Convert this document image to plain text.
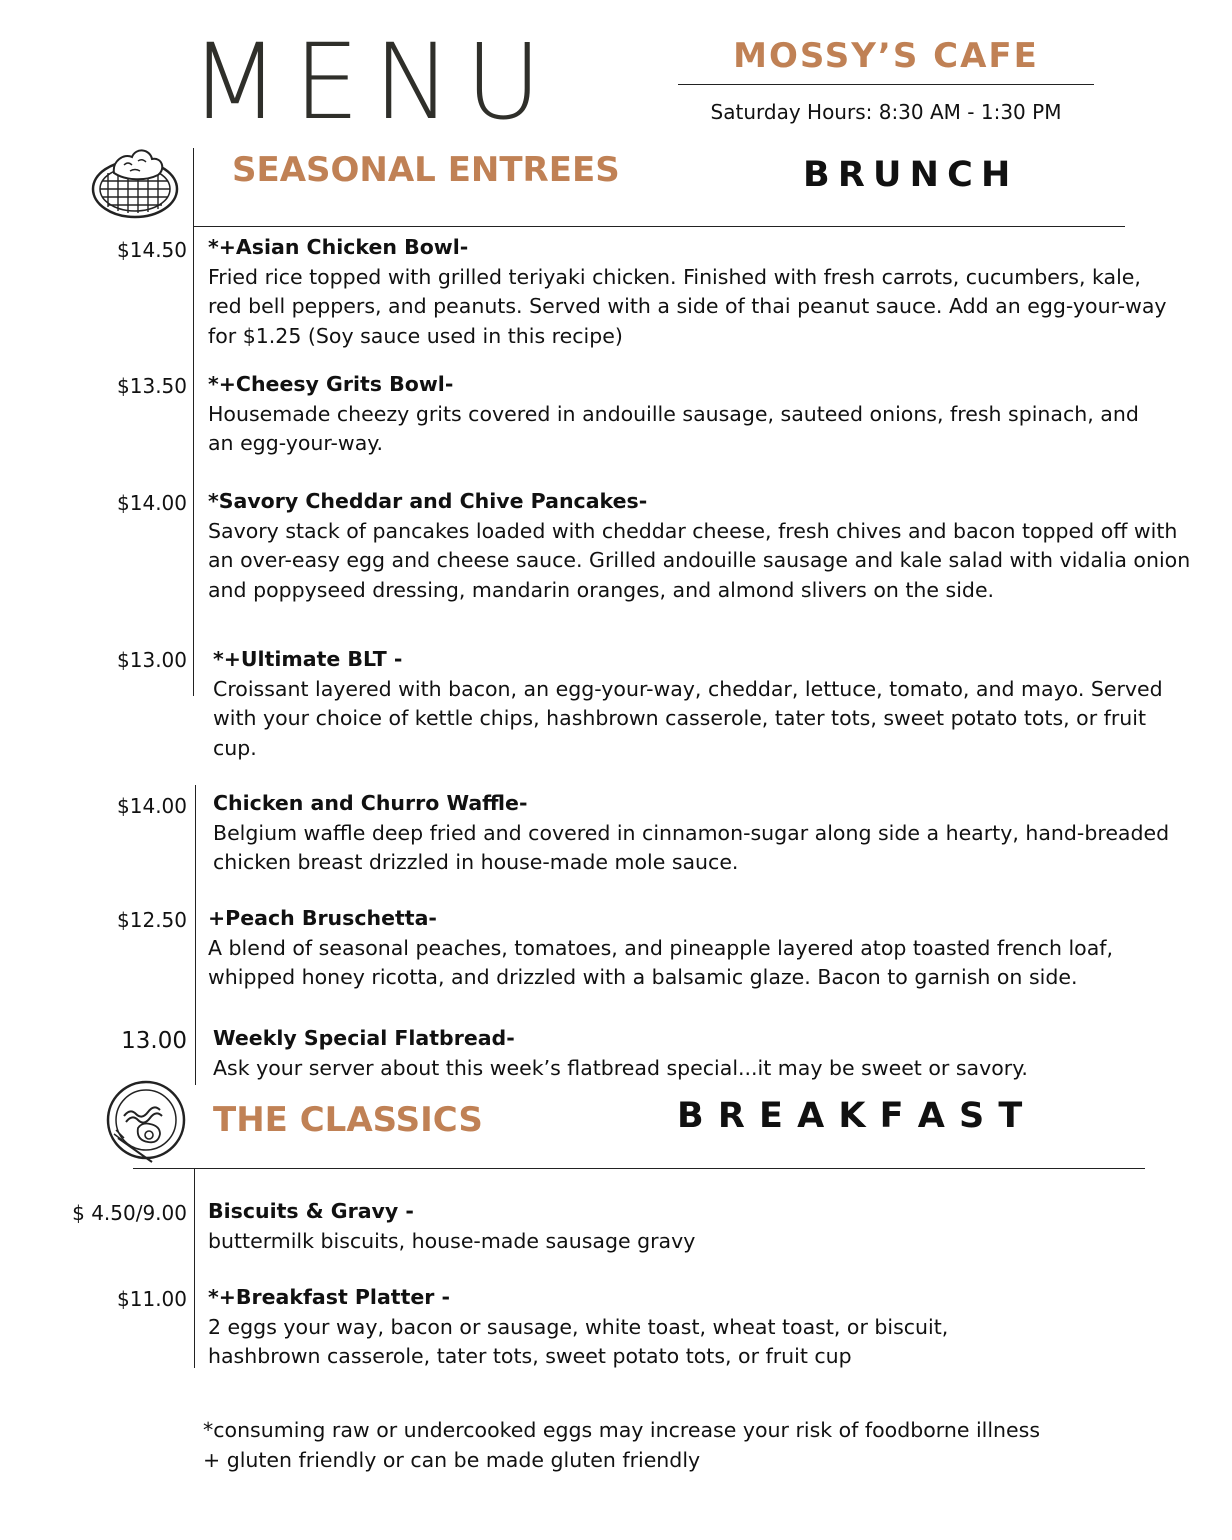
MENU	MOSSY’S CAFE
Saturday Hours: 8:30 AM - 1:30 PM
SEASONAL ENTREES	B R U N C H
$14.50 *+Asian Chicken Bowl-
Fried rice topped with grilled teriyaki chicken. Finished with fresh carrots, cucumbers, kale, red bell peppers, and peanuts. Served with a side of thai peanut sauce. Add an egg-your-way for $1.25 (Soy sauce used in this recipe)
$13.50 *+Cheesy Grits Bowl-
Housemade cheezy grits covered in andouille sausage, sauteed onions, fresh spinach, and an egg-your-way.
$14.00 *Savory Cheddar and Chive Pancakes-
Savory stack of pancakes loaded with cheddar cheese, fresh chives and bacon topped off with an over-easy egg and cheese sauce. Grilled andouille sausage and kale salad with vidalia onion and poppyseed dressing, mandarin oranges, and almond slivers on the side.
$13.00 *+Ultimate BLT -
Croissant layered with bacon, an egg-your-way, cheddar, lettuce, tomato, and mayo. Served with your choice of kettle chips, hashbrown casserole, tater tots, sweet potato tots, or fruit cup.
$14.00 Chicken and Churro Waffle-
Belgium waffle deep fried and covered in cinnamon-sugar along side a hearty, hand-breaded chicken breast drizzled in house-made mole sauce.
$12.50 +Peach Bruschetta-
A blend of seasonal peaches, tomatoes, and pineapple layered atop toasted french loaf, whipped honey ricotta, and drizzled with a balsamic glaze. Bacon to garnish on side.
13.00 Weekly Special Flatbread-
Ask your server about this week’s flatbread special...it may be sweet or savory.
THE CLASSICS	B R E A K F A S T
$ 4.50/9.00 Biscuits & Gravy -
buttermilk biscuits, house-made sausage gravy
$11.00 *+Breakfast Platter -
2 eggs your way, bacon or sausage, white toast, wheat toast, or biscuit, hashbrown casserole, tater tots, sweet potato tots, or fruit cup
*consuming raw or undercooked eggs may increase your risk of foodborne illness
+ gluten friendly or can be made gluten friendly
